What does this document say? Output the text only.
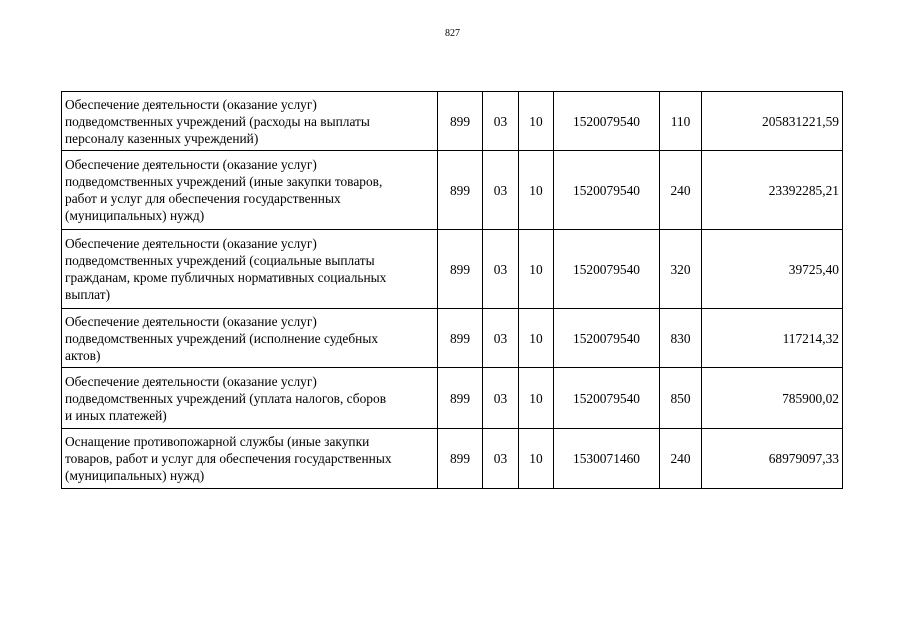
827
Обеспечение деятельности (оказание услуг)
подведомственных учреждений (расходы на выплаты
персоналу казенных учреждений)	899	03	10	1520079540	110	205831221,59

Обеспечение деятельности (оказание услуг)
подведомственных учреждений (иные закупки товаров,
работ и услуг для обеспечения государственных
(муниципальных) нужд)	899	03	10	1520079540	240	23392285,21

Обеспечение деятельности (оказание услуг)
подведомственных учреждений (социальные выплаты
гражданам, кроме публичных нормативных социальных
выплат)	899	03	10	1520079540	320	39725,40

Обеспечение деятельности (оказание услуг)
подведомственных учреждений (исполнение судебных
актов)	899	03	10	1520079540	830	117214,32

Обеспечение деятельности (оказание услуг)
подведомственных учреждений (уплата налогов, сборов
и иных платежей)	899	03	10	1520079540	850	785900,02

Оснащение противопожарной службы (иные закупки
товаров, работ и услуг для обеспечения государственных
(муниципальных) нужд)	899	03	10	1530071460	240	68979097,33
